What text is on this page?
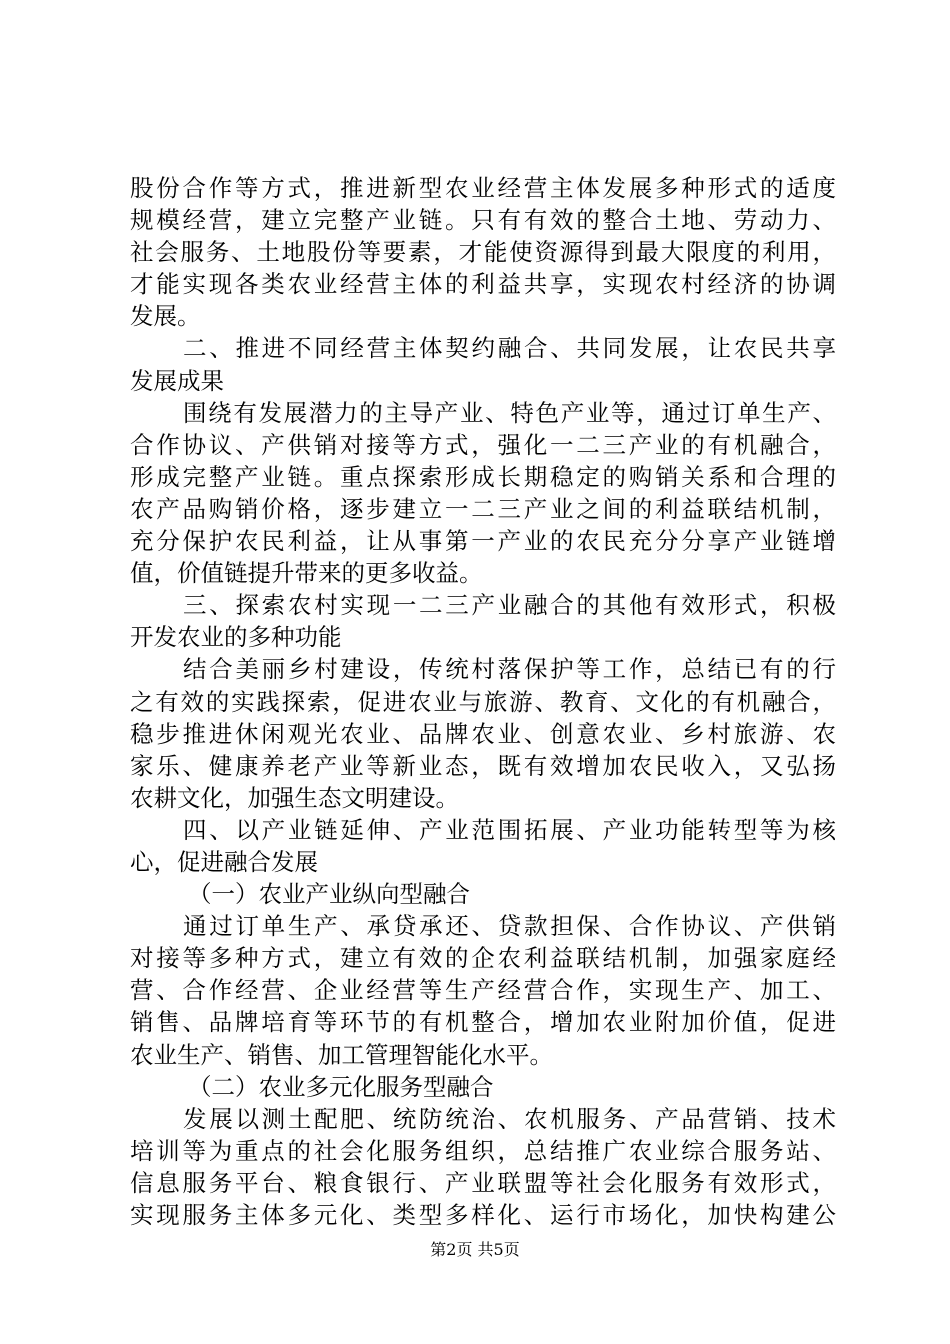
股份合作等方式，推进新型农业经营主体发展多种形式的适度
规模经营，建立完整产业链。只有有效的整合土地、劳动力、
社会服务、土地股份等要素，才能使资源得到最大限度的利用，
才能实现各类农业经营主体的利益共享，实现农村经济的协调
发展。
二、推进不同经营主体契约融合、共同发展，让农民共享
发展成果
围绕有发展潜力的主导产业、特色产业等，通过订单生产、
合作协议、产供销对接等方式，强化一二三产业的有机融合，
形成完整产业链。重点探索形成长期稳定的购销关系和合理的
农产品购销价格，逐步建立一二三产业之间的利益联结机制，
充分保护农民利益，让从事第一产业的农民充分分享产业链增
值，价值链提升带来的更多收益。
三、探索农村实现一二三产业融合的其他有效形式，积极
开发农业的多种功能
结合美丽乡村建设，传统村落保护等工作，总结已有的行
之有效的实践探索，促进农业与旅游、教育、文化的有机融合，
稳步推进休闲观光农业、品牌农业、创意农业、乡村旅游、农
家乐、健康养老产业等新业态，既有效增加农民收入，又弘扬
农耕文化，加强生态文明建设。
四、以产业链延伸、产业范围拓展、产业功能转型等为核
心，促进融合发展
（一）农业产业纵向型融合
通过订单生产、承贷承还、贷款担保、合作协议、产供销
对接等多种方式，建立有效的企农利益联结机制，加强家庭经
营、合作经营、企业经营等生产经营合作，实现生产、加工、
销售、品牌培育等环节的有机整合，增加农业附加价值，促进
农业生产、销售、加工管理智能化水平。
（二）农业多元化服务型融合
发展以测土配肥、统防统治、农机服务、产品营销、技术
培训等为重点的社会化服务组织，总结推广农业综合服务站、
信息服务平台、粮食银行、产业联盟等社会化服务有效形式，
实现服务主体多元化、类型多样化、运行市场化，加快构建公
第2页 共5页
